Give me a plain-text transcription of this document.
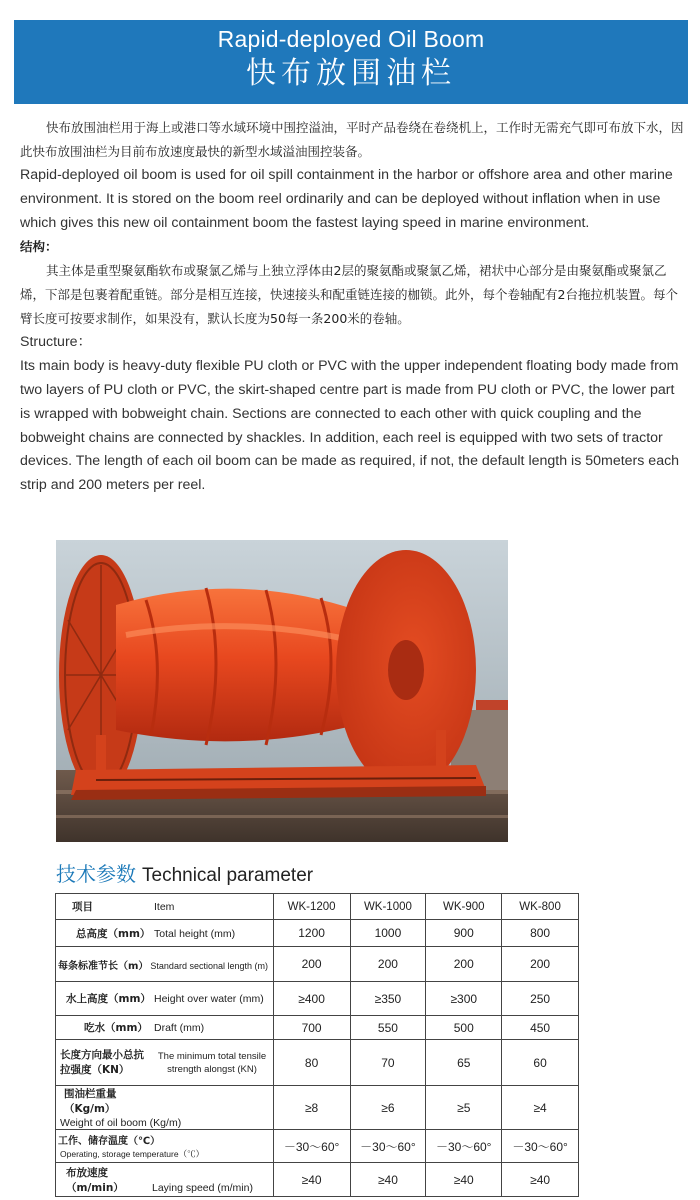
Rapid-deployed Oil Boom
快布放围油栏

快布放围油栏用于海上或港口等水域环境中围控溢油，平时产品卷绕在卷绕机上，工作时无需充气即可布放下水，因此快布放围油栏为目前布放速度最快的新型水域溢油围控装备。

Rapid-deployed oil boom is used for oil spill containment in the harbor or offshore area and other marine environment. It is stored on the boom reel ordinarily and can be deployed without inflation when in use which gives this new oil containment boom the fastest laying speed in marine environment.

结构：

其主体是重型聚氨酯软布或聚氯乙烯与上独立浮体由2层的聚氨酯或聚氯乙烯，裙状中心部分是由聚氨酯或聚氯乙烯，下部是包裹着配重链。部分是相互连接，快速接头和配重链连接的枷锁。此外，每个卷轴配有2台拖拉机装置。每个臂长度可按要求制作，如果没有，默认长度为50每一条200米的卷轴。

Structure：

Its main body is heavy-duty flexible PU cloth or PVC with the upper independent floating body made from two layers of PU cloth or PVC, the skirt-shaped centre part is made from PU cloth or PVC, the lower part is wrapped with bobweight chain. Sections are connected to each other with quick coupling and the bobweight chains are connected by shackles. In addition, each reel is equipped with two sets of tractor devices. The length of each oil boom can be made as required, if not, the default length is 50meters each strip and 200 meters per reel.

技术参数 Technical parameter
项目 Item	WK-1200	WK-1000	WK-900	WK-800
总高度（mm） Total height (mm)	1200	1000	900	800
每条标准节长（m） Standard sectional length (m)	200	200	200	200
水上高度（mm） Height over water (mm)	≥400	≥350	≥300	250
吃水（mm） Draft (mm)	700	550	500	450
长度方向最小总抗拉强度（KN）The minimum total tensile strength alongst (KN)	80	70	65	60
围油栏重量（Kg/m）Weight of oil boom (Kg/m)	≥8	≥6	≥5	≥4
工作、储存温度（℃）Operating, storage temperature（℃）	－30～60°	－30～60°	－30～60°	－30～60°
布放速度（m/min） Laying speed (m/min)	≥40	≥40	≥40	≥40
